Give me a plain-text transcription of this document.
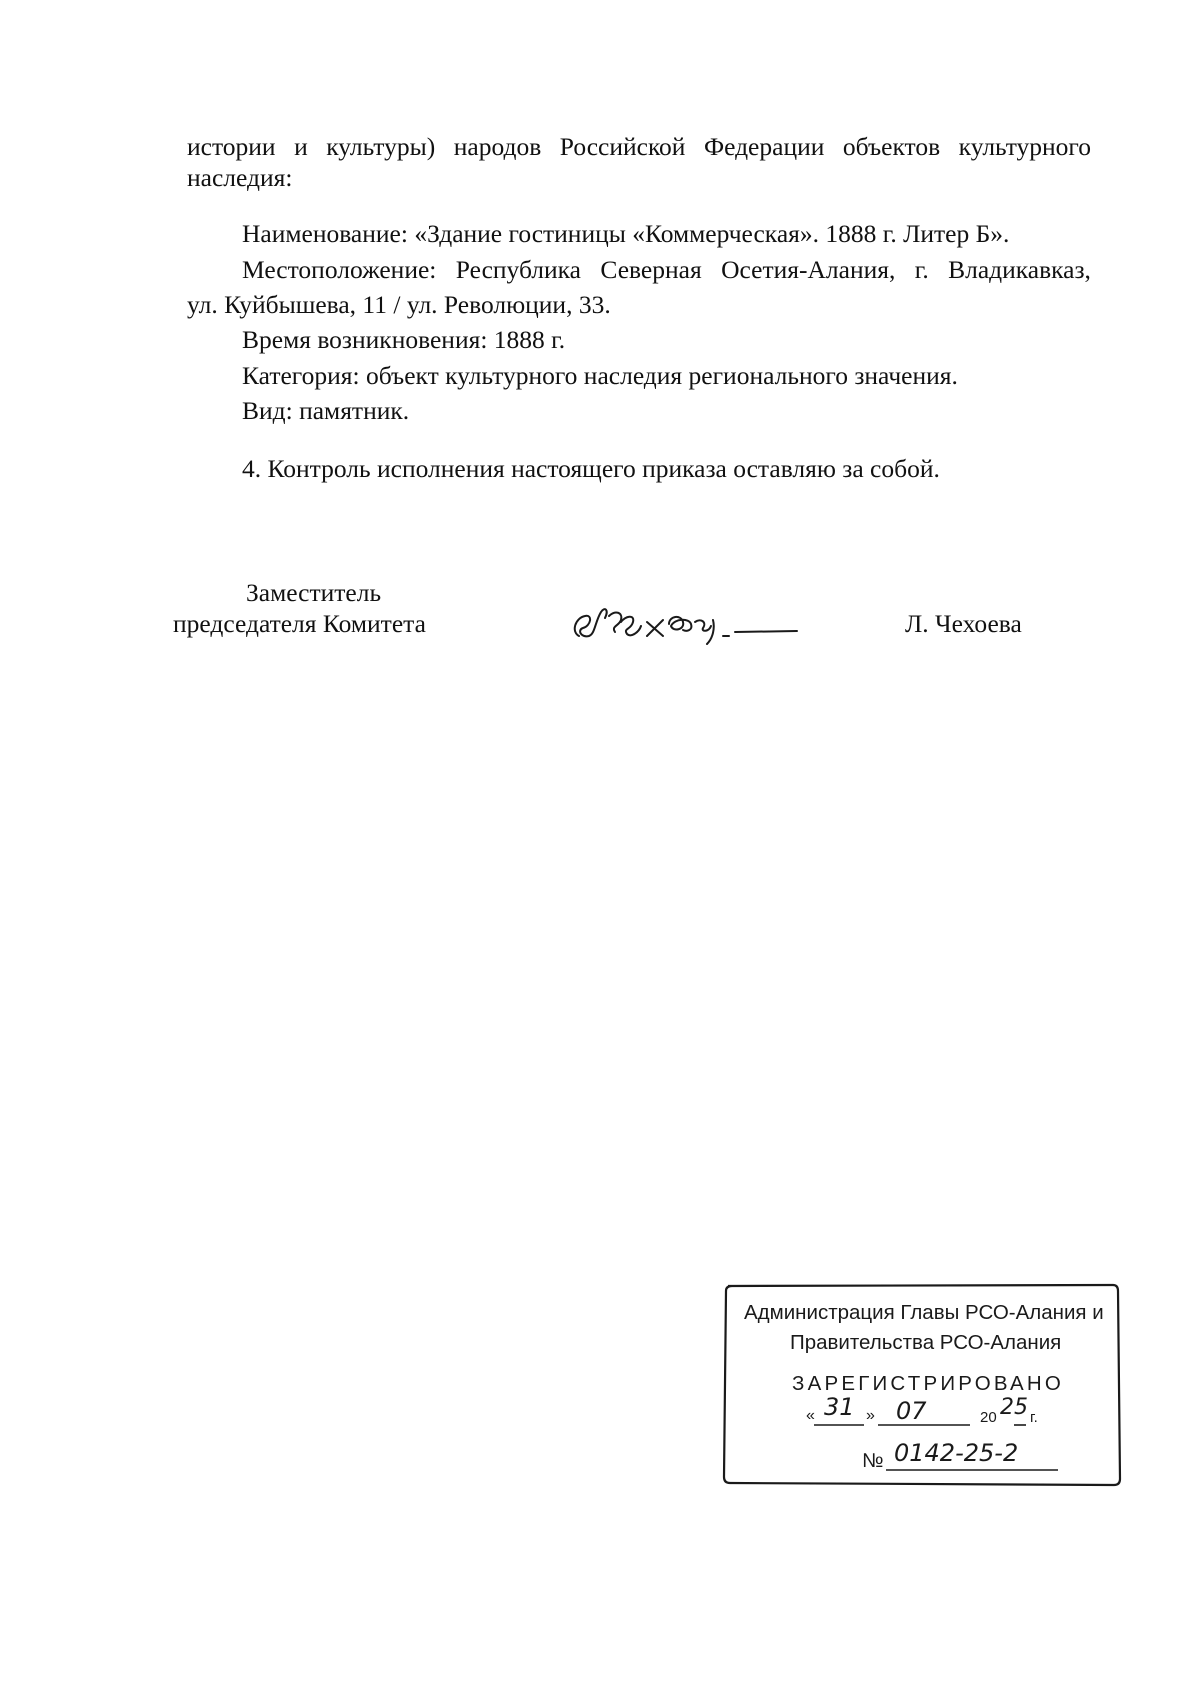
истории и культуры) народов Российской Федерации объектов культурного
наследия:
Наименование: «Здание гостиницы «Коммерческая». 1888 г. Литер Б».
Местоположение: Республика Северная Осетия-Алания, г. Владикавказ,
ул. Куйбышева, 11 / ул. Революции, 33.
Время возникновения: 1888 г.
Категория: объект культурного наследия регионального значения.
Вид: памятник.
4. Контроль исполнения настоящего приказа оставляю за собой.
Заместитель
председателя Комитета	Л. Чехоева
Администрация Главы РСО-Алания и
Правительства РСО-Алания
ЗАРЕГИСТРИРОВАНО
« 31 » 07	20 25 г.
№ 0142-25-2
